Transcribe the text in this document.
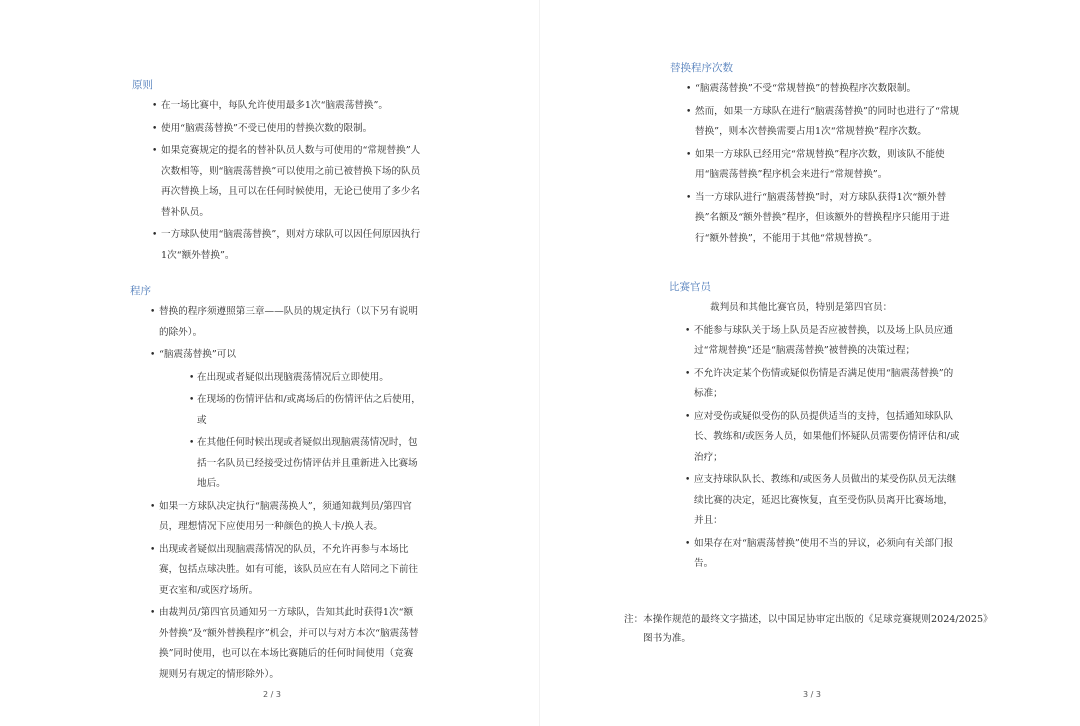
原则
• 在一场比赛中，每队允许使用最多1次“脑震荡替换”。
• 使用“脑震荡替换”不受已使用的替换次数的限制。
• 如果竞赛规定的提名的替补队员人数与可使用的“常规替换”人次数相等，则“脑震荡替换”可以使用之前已被替换下场的队员再次替换上场，且可以在任何时候使用，无论已使用了多少名替补队员。
• 一方球队使用“脑震荡替换”，则对方球队可以因任何原因执行1次“额外替换”。
程序
• 替换的程序须遵照第三章——队员的规定执行（以下另有说明的除外）。
• “脑震荡替换”可以
• 在出现或者疑似出现脑震荡情况后立即使用。
• 在现场的伤情评估和/或离场后的伤情评估之后使用，或
• 在其他任何时候出现或者疑似出现脑震荡情况时，包括一名队员已经接受过伤情评估并且重新进入比赛场地后。
• 如果一方球队决定执行“脑震荡换人”，须通知裁判员/第四官员，理想情况下应使用另一种颜色的换人卡/换人表。
• 出现或者疑似出现脑震荡情况的队员，不允许再参与本场比赛，包括点球决胜。如有可能，该队员应在有人陪同之下前往更衣室和/或医疗场所。
• 由裁判员/第四官员通知另一方球队，告知其此时获得1次“额外替换”及“额外替换程序”机会，并可以与对方本次“脑震荡替换”同时使用，也可以在本场比赛随后的任何时间使用（竞赛规则另有规定的情形除外）。
2 / 3
替换程序次数
• “脑震荡替换”不受“常规替换”的替换程序次数限制。
• 然而，如果一方球队在进行“脑震荡替换”的同时也进行了“常规替换”，则本次替换需要占用1次“常规替换”程序次数。
• 如果一方球队已经用完“常规替换”程序次数，则该队不能使用“脑震荡替换”程序机会来进行“常规替换”。
• 当一方球队进行“脑震荡替换”时，对方球队获得1次“额外替换”名额及“额外替换”程序，但该额外的替换程序只能用于进行“额外替换”，不能用于其他“常规替换”。
比赛官员
裁判员和其他比赛官员，特别是第四官员：
• 不能参与球队关于场上队员是否应被替换，以及场上队员应通过“常规替换”还是“脑震荡替换”被替换的决策过程；
• 不允许决定某个伤情或疑似伤情是否满足使用“脑震荡替换”的标准；
• 应对受伤或疑似受伤的队员提供适当的支持，包括通知球队队长、教练和/或医务人员，如果他们怀疑队员需要伤情评估和/或治疗；
• 应支持球队队长、教练和/或医务人员做出的某受伤队员无法继续比赛的决定，延迟比赛恢复，直至受伤队员离开比赛场地，并且：
• 如果存在对“脑震荡替换”使用不当的异议，必须向有关部门报告。
注：本操作规范的最终文字描述，以中国足协审定出版的《足球竞赛规则2024/2025》
图书为准。
3 / 3
